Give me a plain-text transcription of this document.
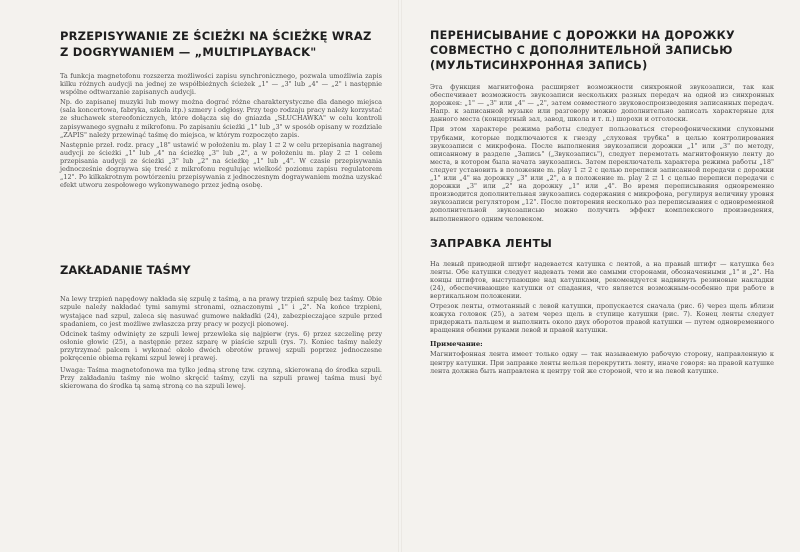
PRZEPISYWANIE ZE ŚCIEŻKI NA ŚCIEŻKĘ WRAZ Z DOGRYWANIEM — „MULTIPLAYBACK"

Ta funkcja magnetofonu rozszerza możliwości zapisu synchronicznego, pozwala umożliwia zapis kilku różnych audycji na jednej ze współbieżnych ścieżek „1" — „3" lub „4" — „2" i następnie wspólne odtwarzanie zapisanych audycji.

Np. do zapisanej muzyki lub mowy można dograć różne charakterystyczne dla danego miejsca (sala koncertowa, fabryka, szkoła itp.) szmery i odgłosy. Przy tego rodzaju pracy należy korzystać ze słuchawek stereofonicznych, które dołącza się do gniazda „SŁUCHAWKA" w celu kontroli zapisywanego sygnału z mikrofonu. Po zapisaniu ścieżki „1" lub „3" w sposób opisany w rozdziale „ZAPIS" należy przewinąć taśmę do miejsca, w którym rozpoczęto zapis.

Następnie przeł. rodz. pracy „18" ustawić w położeniu m. play 1 ⇄ 2 w celu przepisania nagranej audycji ze ścieżki „1" lub „4" na ścieżkę „3" lub „2", a w położeniu m. play 2 ⇄ 1 celem przepisania audycji ze ścieżki „3" lub „2" na ścieżkę „1" lub „4". W czasie przepisywania jednocześnie dograywa się treść z mikrofonu regulując wielkość poziomu zapisu regulatorem „12". Po kilkakrotnym powtórzeniu przepisywania z jednoczesnym dograywaniem można uzyskać efekt utworu zespołowego wykonywanego przez jedną osobę.

ZAKŁADANIE TAŚMY

Na lewy trzpień napędowy nakłada się szpulę z taśmą, a na prawy trzpień szpulę bez taśmy. Obie szpule należy nakładać tymi samymi stronami, oznaczonymi „1" i „2". Na końce trzpieni, wystające nad szpul, zaleca się nasuwać gumowe nakładki (24), zabezpieczające szpule przed spadaniem, co jest możliwe zwłaszcza przy pracy w pozycji pionowej.

Odcinek taśmy odwinięty ze szpuli lewej przewleka się najpierw (rys. 6) przez szczelinę przy osłonie głowic (25), a następnie przez szparę w piaście szpuli (rys. 7). Koniec taśmy należy przytrzymać palcem i wykonać około dwóch obrotów prawej szpuli poprzez jednoczesne pokręcenie obiema rękami szpul lewej i prawej.

Uwaga: Taśma magnetofonowa ma tylko jedną stronę tzw. czynną, skierowaną do środka szpuli. Przy zakładaniu taśmy nie wolno skręcić taśmy, czyli na szpuli prawej taśma musi być skierowana do środka tą samą stroną co na szpuli lewej.

ПЕРЕНИСЫВАНИЕ С ДОРОЖКИ НА ДОРОЖКУ СОВМЕСТНО С ДОПОЛНИТЕЛЬНОЙ ЗАПИСЬЮ (МУЛЬТИСИНХРОННАЯ ЗАПИСЬ)

Эта функция магнитофона расширяет возможности синхронной звукозаписи, так как обеспечивает возможность звукозаписи нескольких разных передач на одной из синхронных дорожек: „1" — „3" или „4" — „2", затем совместного звуковоспроизведения записанных передач. Напр. к записанной музыке или разговору можно дополнительно записать характерные для данного места (концертный зал, завод, школа и т. п.) шорохи и отголоски.

При этом характере режима работы следует пользоваться стереофоническими слуховыми трубками, которые подключаются к гнезду „слуховая трубка" в целью контролирования звукозаписи с микрофона. После выполнения звукозаписи дорожки „1" или „3" по методу, описанному в разделе „Запись" („Звукозапись"), следует перемотать магнитофонную ленту до места, в котором была начата звукозапись. Затем переключатель характера режима работы „18" следует установить в положение m. play 1 ⇄ 2 с целью переписи записанной передачи с дорожки „1" или „4" на дорожку „3" или „2", а в положение m. play 2 ⇄ 1 с целью переписи передачи с дорожки „3" или „2" на дорожку „1" или „4". Во время переписывания одновременно производится дополнительная звукозапись содержания с микрофона, регулируя величину уровня звукозаписи регулятором „12". После повторения несколько раз переписывания с одновременной дополнительной звукозаписью можно получить эффект комплексного произведения, выполненного одним человеком.

ЗАПРАВКА ЛЕНТЫ

На левый приводной штифт надевается катушка с лентой, а на правый штифт — катушка без ленты. Обе катушки следует надевать теми же самыми сторонами, обозначенными „1" и „2". На концы штифтов, выступающие над катушками, рекомендуется надвинуть резиновые накладки (24), обеспечивающие катушки от спадания, что является возможным-особенно при работе в вертикальном положении.

Отрезок ленты, отмотанный с левой катушки, пропускается сначала (рис. 6) через щель вблизи кожуха головок (25), а затем через щель в ступице катушки (рис. 7). Конец ленты следует придержать пальцем и выполнить около двух оборотов правой катушки — путем одновременного вращения обеими руками левой и правой катушки.

Примечание:

Магнитофонная лента имеет только одну — так называемую рабочую сторону, направленную к центру катушки. При заправке ленты нельзя перекрутить ленту, иначе говоря: на правой катушке лента должна быть направлена к центру той же стороной, что и на левой катушке.
